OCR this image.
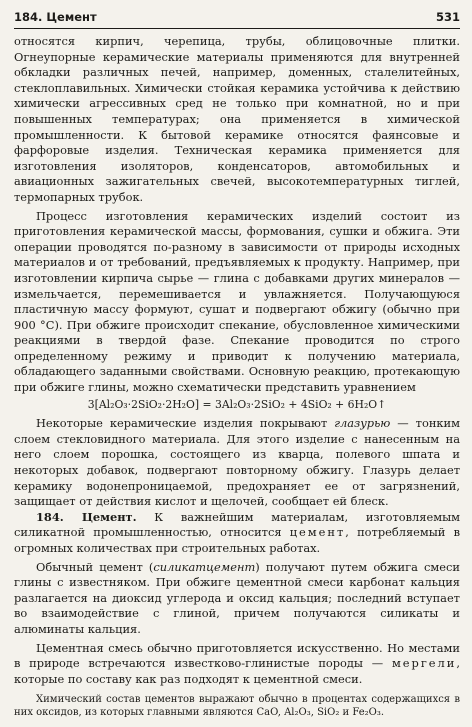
184. Цемент	531

относятся кирпич, черепица, трубы, облицовочные плитки. Огнеупорные керамические материалы применяются для внутренней обкладки различных печей, например, доменных, сталелитейных, стеклоплавильных. Химически стойкая керамика устойчива к действию химически агрессивных сред не только при комнатной, но и при повышенных температурах; она применяется в химической промышленности. К бытовой керамике относятся фаянсовые и фарфоровые изделия. Техническая керамика применяется для изготовления изоляторов, конденсаторов, автомобильных и авиационных зажигательных свечей, высокотемпературных тиглей, термопарных трубок.

Процесс изготовления керамических изделий состоит из приготовления керамической массы, формования, сушки и обжига. Эти операции проводятся по-разному в зависимости от природы исходных материалов и от требований, предъявляемых к продукту. Например, при изготовлении кирпича сырье — глина с добавками других минералов — измельчается, перемешивается и увлажняется. Получающуюся пластичную массу формуют, сушат и подвергают обжигу (обычно при 900 °С). При обжиге происходит спекание, обусловленное химическими реакциями в твердой фазе. Спекание проводится по строго определенному режиму и приводит к получению материала, обладающего заданными свойствами. Основную реакцию, протекающую при обжиге глины, можно схематически представить уравнением

3[Al₂O₃·2SiO₂·2H₂O] = 3Al₂O₃·2SiO₂ + 4SiO₂ + 6H₂O↑

Некоторые керамические изделия покрывают глазурью — тонким слоем стекловидного материала. Для этого изделие с нанесенным на него слоем порошка, состоящего из кварца, полевого шпата и некоторых добавок, подвергают повторному обжигу. Глазурь делает керамику водонепроницаемой, предохраняет ее от загрязнений, защищает от действия кислот и щелочей, сообщает ей блеск.

184. Цемент. К важнейшим материалам, изготовляемым силикатной промышленностью, относится цемент, потребляемый в огромных количествах при строительных работах.

Обычный цемент (силикатцемент) получают путем обжига смеси глины с известняком. При обжиге цементной смеси карбонат кальция разлагается на диоксид углерода и оксид кальция; последний вступает во взаимодействие с глиной, причем получаются силикаты и алюминаты кальция.

Цементная смесь обычно приготовляется искусственно. Но местами в природе встречаются известково-глинистые породы — мергели, которые по составу как раз подходят к цементной смеси.

Химический состав цементов выражают обычно в процентах содержащихся в них оксидов, из которых главными являются CaO, Al₂O₃, SiO₂ и Fe₂O₃.
